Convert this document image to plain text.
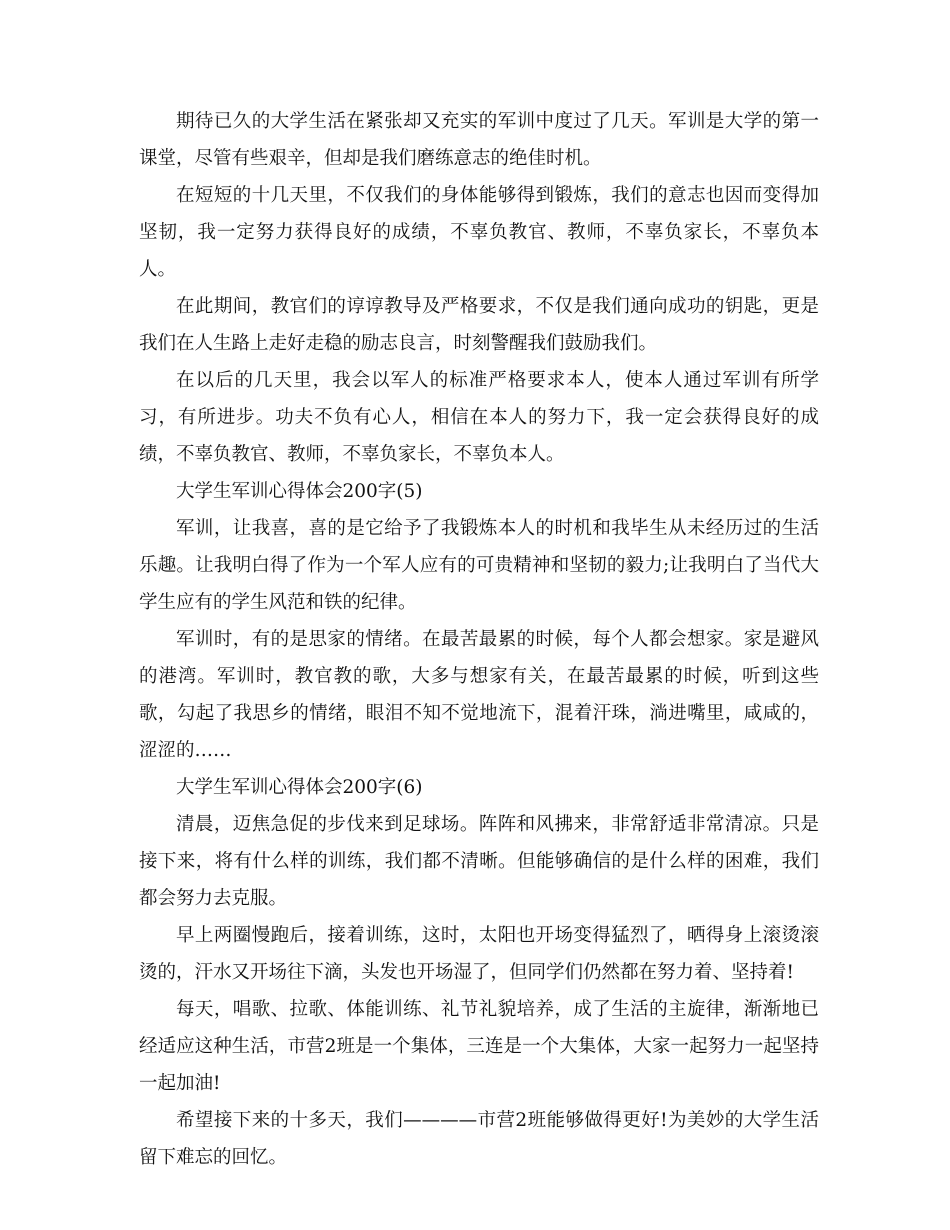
期待已久的大学生活在紧张却又充实的军训中度过了几天。军训是大学的第一课堂，尽管有些艰辛，但却是我们磨练意志的绝佳时机。

在短短的十几天里，不仅我们的身体能够得到锻炼，我们的意志也因而变得加坚韧，我一定努力获得良好的成绩，不辜负教官、教师，不辜负家长，不辜负本人。

在此期间，教官们的谆谆教导及严格要求，不仅是我们通向成功的钥匙，更是我们在人生路上走好走稳的励志良言，时刻警醒我们鼓励我们。

在以后的几天里，我会以军人的标准严格要求本人，使本人通过军训有所学习，有所进步。功夫不负有心人，相信在本人的努力下，我一定会获得良好的成绩，不辜负教官、教师，不辜负家长，不辜负本人。

大学生军训心得体会200字(5)

军训，让我喜，喜的是它给予了我锻炼本人的时机和我毕生从未经历过的生活乐趣。让我明白得了作为一个军人应有的可贵精神和坚韧的毅力;让我明白了当代大学生应有的学生风范和铁的纪律。

军训时，有的是思家的情绪。在最苦最累的时候，每个人都会想家。家是避风的港湾。军训时，教官教的歌，大多与想家有关，在最苦最累的时候，听到这些歌，勾起了我思乡的情绪，眼泪不知不觉地流下，混着汗珠，淌进嘴里，咸咸的，涩涩的……

大学生军训心得体会200字(6)

清晨，迈焦急促的步伐来到足球场。阵阵和风拂来，非常舒适非常清凉。只是接下来，将有什么样的训练，我们都不清晰。但能够确信的是什么样的困难，我们都会努力去克服。

早上两圈慢跑后，接着训练，这时，太阳也开场变得猛烈了，晒得身上滚烫滚烫的，汗水又开场往下滴，头发也开场湿了，但同学们仍然都在努力着、坚持着!

每天，唱歌、拉歌、体能训练、礼节礼貌培养，成了生活的主旋律，渐渐地已经适应这种生活，市营2班是一个集体，三连是一个大集体，大家一起努力一起坚持一起加油!

希望接下来的十多天，我们————市营2班能够做得更好!为美妙的大学生活留下难忘的回忆。
